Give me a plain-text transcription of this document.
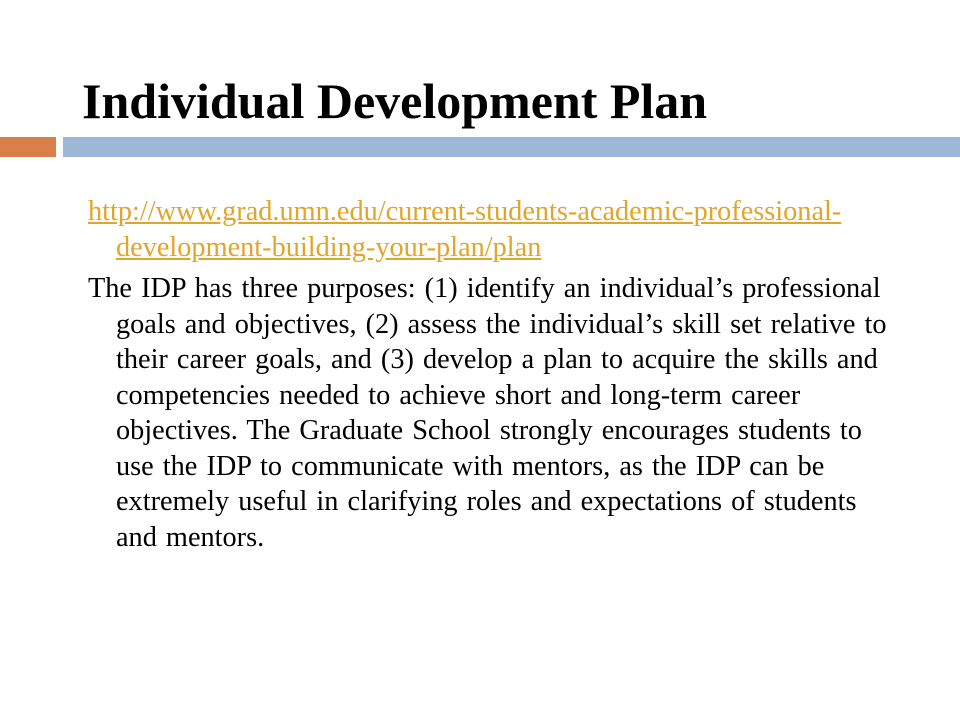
Individual Development Plan

http://www.grad.umn.edu/current-students-academic-professional-development-building-your-plan/plan

The IDP has three purposes: (1) identify an individual’s professional goals and objectives, (2) assess the individual’s skill set relative to their career goals, and (3) develop a plan to acquire the skills and competencies needed to achieve short and long-term career objectives. The Graduate School strongly encourages students to use the IDP to communicate with mentors, as the IDP can be extremely useful in clarifying roles and expectations of students and mentors.
